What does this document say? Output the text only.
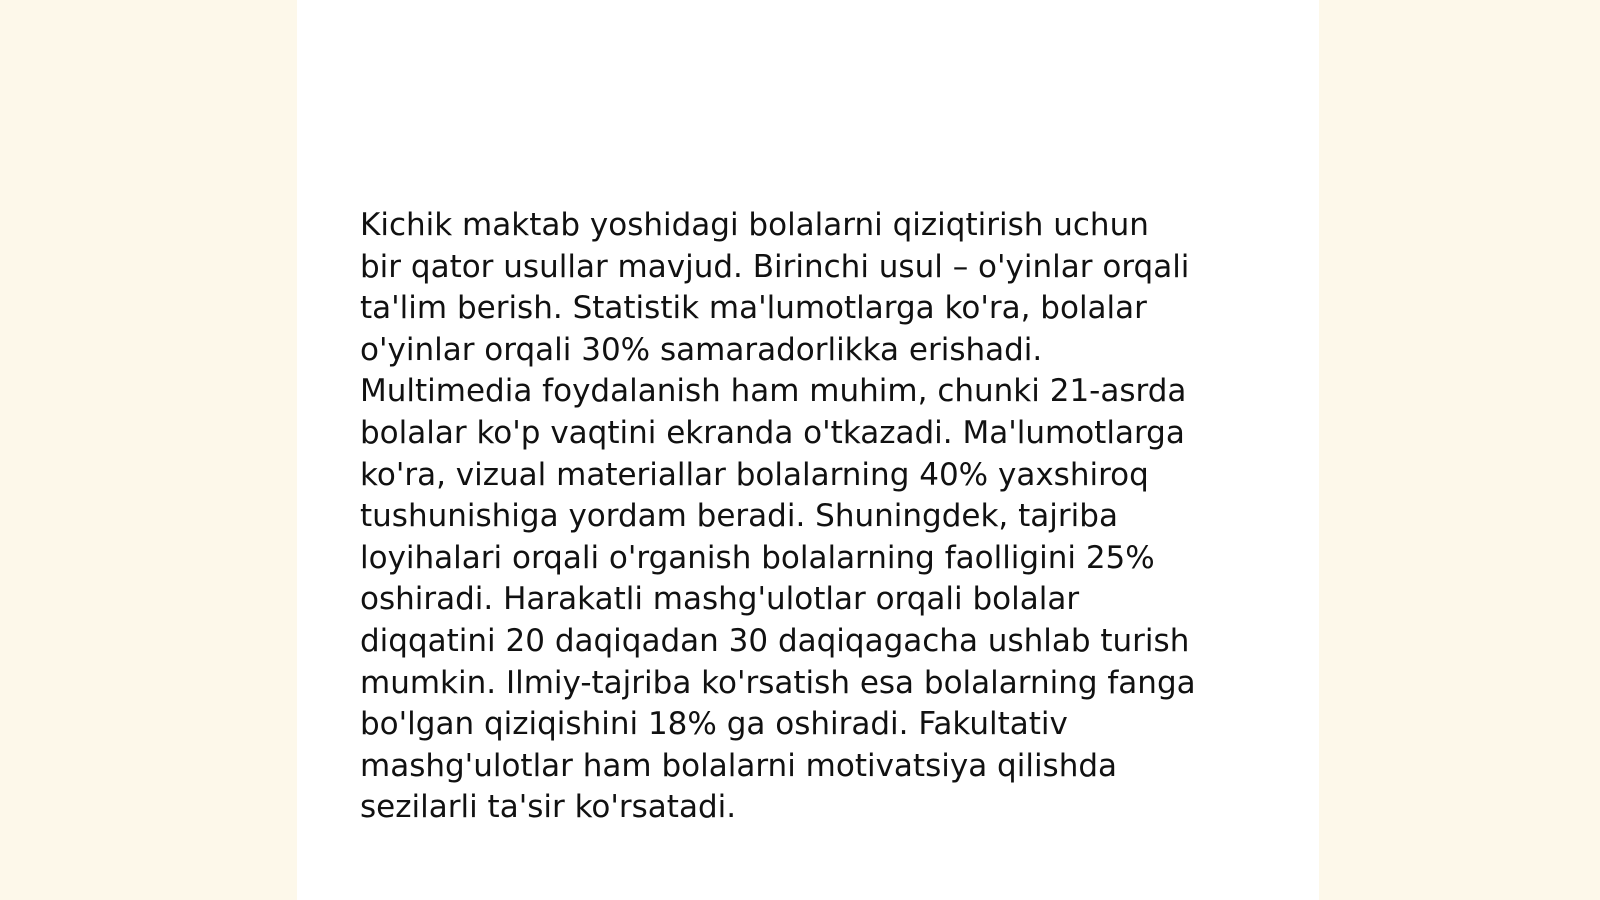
Kichik maktab yoshidagi bolalarni qiziqtirish uchun
bir qator usullar mavjud. Birinchi usul – o'yinlar orqali
ta'lim berish. Statistik ma'lumotlarga ko'ra, bolalar
o'yinlar orqali 30% samaradorlikka erishadi.
Multimedia foydalanish ham muhim, chunki 21-asrda
bolalar ko'p vaqtini ekranda o'tkazadi. Ma'lumotlarga
ko'ra, vizual materiallar bolalarning 40% yaxshiroq
tushunishiga yordam beradi. Shuningdek, tajriba
loyihalari orqali o'rganish bolalarning faolligini 25%
oshiradi. Harakatli mashg'ulotlar orqali bolalar
diqqatini 20 daqiqadan 30 daqiqagacha ushlab turish
mumkin. Ilmiy-tajriba ko'rsatish esa bolalarning fanga
bo'lgan qiziqishini 18% ga oshiradi. Fakultativ
mashg'ulotlar ham bolalarni motivatsiya qilishda
sezilarli ta'sir ko'rsatadi.
